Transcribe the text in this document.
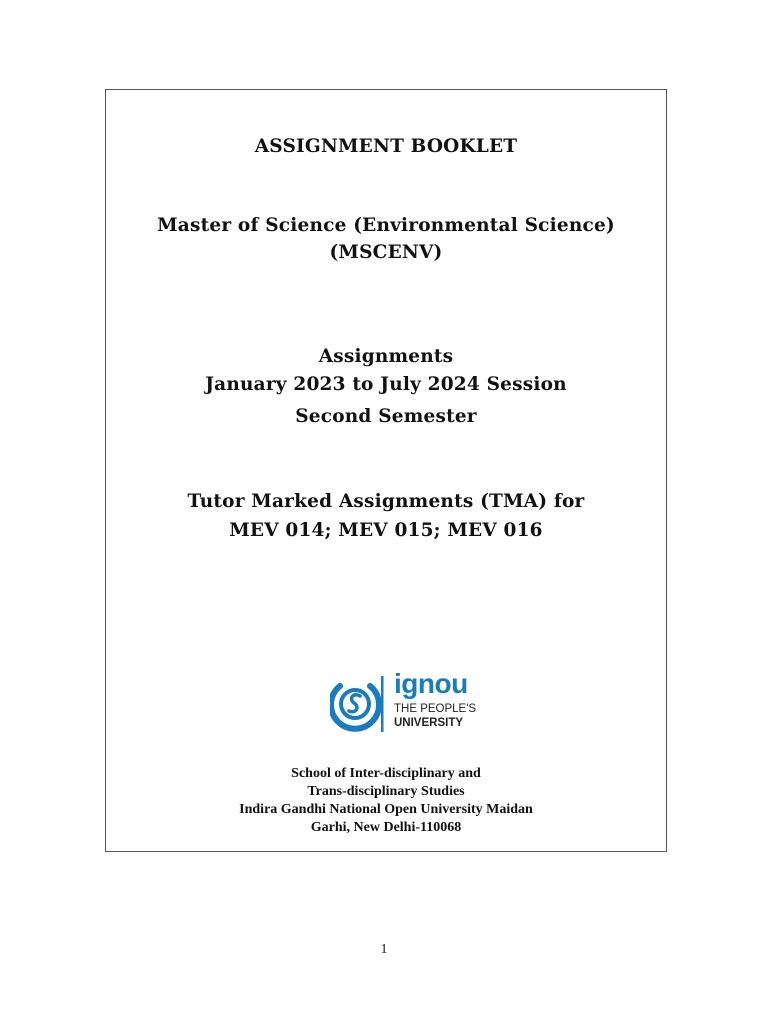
ASSIGNMENT BOOKLET
Master of Science (Environmental Science)
(MSCENV)
Assignments
January 2023 to July 2024 Session
Second Semester
Tutor Marked Assignments (TMA) for
MEV 014; MEV 015; MEV 016
ignou
THE PEOPLE'S
UNIVERSITY
School of Inter-disciplinary and
Trans-disciplinary Studies
Indira Gandhi National Open University Maidan
Garhi, New Delhi-110068
1
